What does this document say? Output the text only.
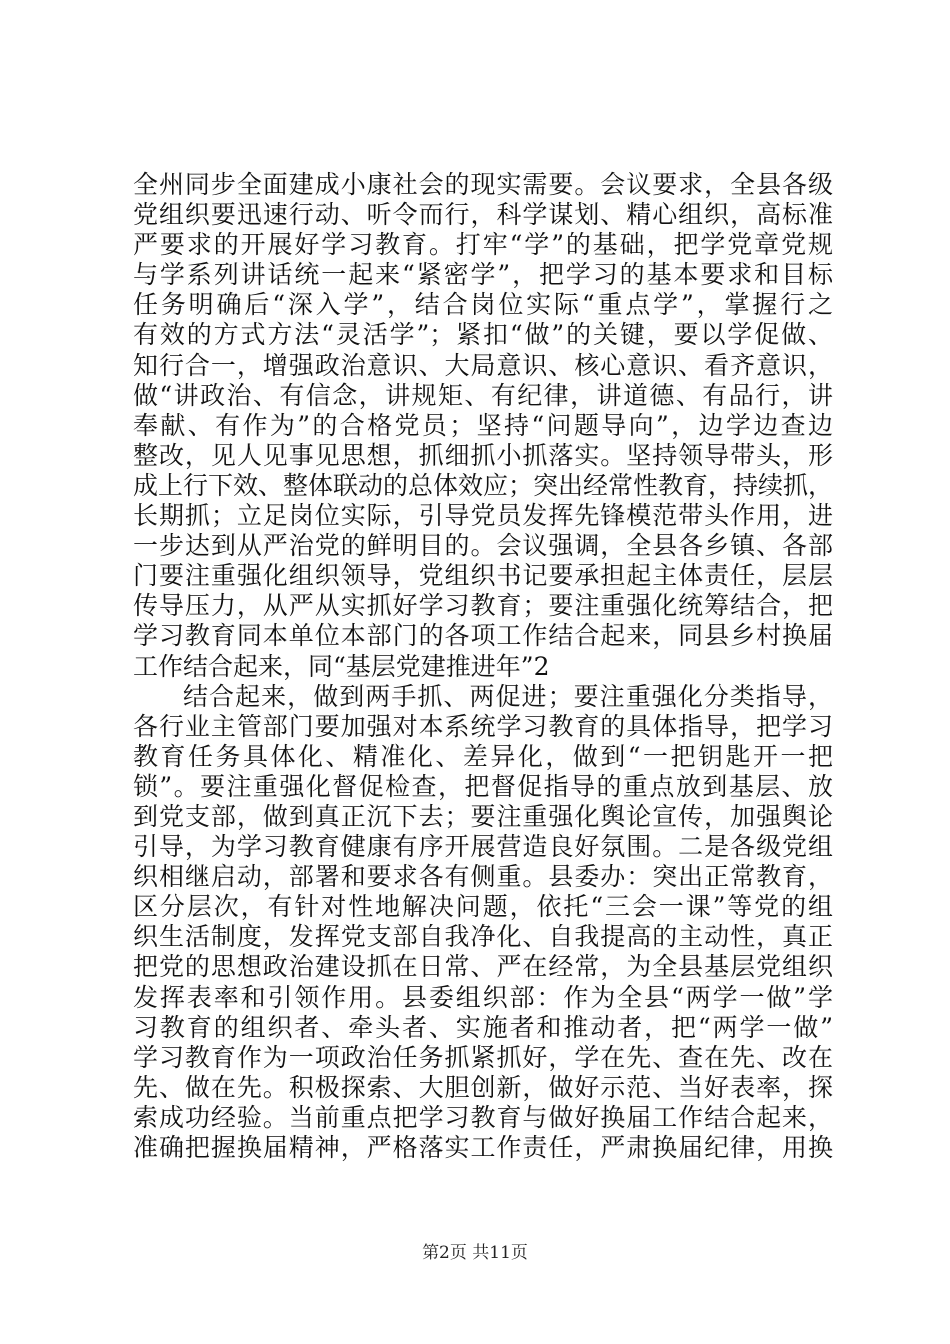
全州同步全面建成小康社会的现实需要。会议要求，全县各级
党组织要迅速行动、听令而行，科学谋划、精心组织，高标准
严要求的开展好学习教育。打牢“学”的基础，把学党章党规
与学系列讲话统一起来“紧密学”，把学习的基本要求和目标
任务明确后“深入学”，结合岗位实际“重点学”，掌握行之
有效的方式方法“灵活学”；紧扣“做”的关键，要以学促做、
知行合一，增强政治意识、大局意识、核心意识、看齐意识，
做“讲政治、有信念，讲规矩、有纪律，讲道德、有品行，讲
奉献、有作为”的合格党员；坚持“问题导向”，边学边查边
整改，见人见事见思想，抓细抓小抓落实。坚持领导带头，形
成上行下效、整体联动的总体效应；突出经常性教育，持续抓，
长期抓；立足岗位实际，引导党员发挥先锋模范带头作用，进
一步达到从严治党的鲜明目的。会议强调，全县各乡镇、各部
门要注重强化组织领导，党组织书记要承担起主体责任，层层
传导压力，从严从实抓好学习教育；要注重强化统筹结合，把
学习教育同本单位本部门的各项工作结合起来，同县乡村换届
工作结合起来，同“基层党建推进年”2
结合起来，做到两手抓、两促进；要注重强化分类指导，
各行业主管部门要加强对本系统学习教育的具体指导，把学习
教育任务具体化、精准化、差异化，做到“一把钥匙开一把
锁”。要注重强化督促检查，把督促指导的重点放到基层、放
到党支部，做到真正沉下去；要注重强化舆论宣传，加强舆论
引导，为学习教育健康有序开展营造良好氛围。二是各级党组
织相继启动，部署和要求各有侧重。县委办：突出正常教育，
区分层次，有针对性地解决问题，依托“三会一课”等党的组
织生活制度，发挥党支部自我净化、自我提高的主动性，真正
把党的思想政治建设抓在日常、严在经常，为全县基层党组织
发挥表率和引领作用。县委组织部：作为全县“两学一做”学
习教育的组织者、牵头者、实施者和推动者，把“两学一做”
学习教育作为一项政治任务抓紧抓好，学在先、查在先、改在
先、做在先。积极探索、大胆创新，做好示范、当好表率，探
索成功经验。当前重点把学习教育与做好换届工作结合起来，
准确把握换届精神，严格落实工作责任，严肃换届纪律，用换
第2页 共11页
